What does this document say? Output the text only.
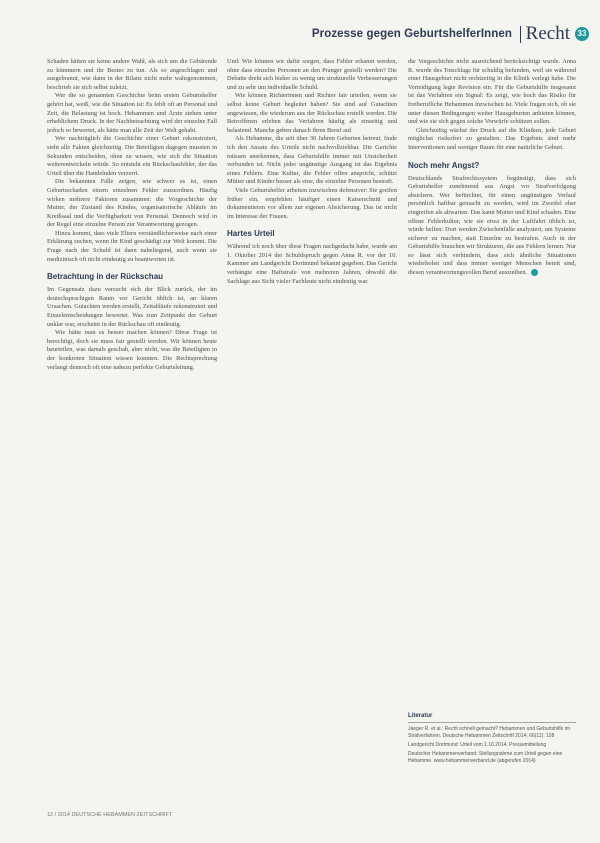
Prozesse gegen GeburtshelferInnen Recht 33

Schaden hätten sie keine andere Wahl, als sich um die Gebärende zu kümmern und ihr Bestes zu tun. Als so angeschlagen und ausgebrannt, wie dann in der Bilanz nicht mehr wahrgenommen, beschrieb sie sich selbst zuletzt.

Wer die so genannten Geschichte beim ersten Geburtshelfer gehört hat, weiß, wie die Situation ist: Es fehlt oft an Personal und Zeit, die Belastung ist hoch. Hebammen und Ärzte stehen unter erheblichem Druck. In der Nachbetrachtung wird der einzelne Fall jedoch so bewertet, als hätte man alle Zeit der Welt gehabt.

Wer nachträglich die Geschichte einer Geburt rekonstruiert, sieht alle Fakten gleichzeitig. Die Beteiligten dagegen mussten in Sekunden entscheiden, ohne zu wissen, wie sich die Situation weiterentwickeln würde. So entsteht ein Rückschaufehler, der das Urteil über die Handelnden verzerrt.

Die bekannten Fälle zeigen, wie schwer es ist, einen Geburtsschaden einem einzelnen Fehler zuzuordnen. Häufig wirken mehrere Faktoren zusammen: die Vorgeschichte der Mutter, der Zustand des Kindes, organisatorische Abläufe im Kreißsaal und die Verfügbarkeit von Personal. Dennoch wird in der Regel eine einzelne Person zur Verantwortung gezogen.

Hinzu kommt, dass viele Eltern verständlicherweise nach einer Erklärung suchen, wenn ihr Kind geschädigt zur Welt kommt. Die Frage nach der Schuld ist dann naheliegend, auch wenn sie medizinisch oft nicht eindeutig zu beantworten ist.

Betrachtung in der Rückschau

Im Gegensatz dazu versucht sich der Blick zurück, der im deutschsprachigen Raum vor Gericht üblich ist, an klaren Ursachen. Gutachten werden erstellt, Zeitabläufe rekonstruiert und Einzelentscheidungen bewertet. Was zum Zeitpunkt der Geburt unklar war, erscheint in der Rückschau oft eindeutig.

Wie hätte man es besser machen können? Diese Frage ist berechtigt, doch sie muss fair gestellt werden. Wir können heute beurteilen, was damals geschah, aber nicht, was die Beteiligten in der konkreten Situation wissen konnten. Die Rechtsprechung verlangt dennoch oft eine nahezu perfekte Geburtsleitung.

Und: Wie können wir dafür sorgen, dass Fehler erkannt werden, ohne dass einzelne Personen an den Pranger gestellt werden? Die Debatte dreht sich bisher zu wenig um strukturelle Verbesserungen und zu sehr um individuelle Schuld.

Wie können Richterinnen und Richter fair urteilen, wenn sie selbst keine Geburt begleitet haben? Sie sind auf Gutachten angewiesen, die wiederum aus der Rückschau erstellt werden. Die Betroffenen erleben das Verfahren häufig als einseitig und belastend. Manche geben danach ihren Beruf auf.

Als Hebamme, die seit über 30 Jahren Geburten betreut, finde ich den Ansatz des Urteils nicht nachvollziehbar. Die Gerichte müssen anerkennen, dass Geburtshilfe immer mit Unsicherheit verbunden ist. Nicht jeder ungünstige Ausgang ist das Ergebnis eines Fehlers. Eine Kultur, die Fehler offen anspricht, schützt Mütter und Kinder besser als eine, die einzelne Personen bestraft.

Viele Geburtshelfer arbeiten inzwischen defensiver: Sie greifen früher ein, empfehlen häufiger einen Kaiserschnitt und dokumentieren vor allem zur eigenen Absicherung. Das ist nicht im Interesse der Frauen.

Hartes Urteil

Während ich noch über diese Fragen nachgedacht habe, wurde am 1. Oktober 2014 der Schuldspruch gegen Anna R. vor der 10. Kammer am Landgericht Dortmund bekannt gegeben. Das Gericht verhängte eine Haftstrafe von mehreren Jahren, obwohl die Sachlage aus Sicht vieler Fachleute nicht eindeutig war.

die Vorgeschichte nicht ausreichend berücksichtigt wurde. Anna R. wurde des Totschlags für schuldig befunden, weil sie während einer Hausgeburt nicht rechtzeitig in die Klinik verlegt habe. Die Verteidigung legte Revision ein. Für die Geburtshilfe insgesamt ist das Verfahren ein Signal: Es zeigt, wie hoch das Risiko für freiberufliche Hebammen inzwischen ist. Viele fragen sich, ob sie unter diesen Bedingungen weiter Hausgeburten anbieten können, und wie sie sich gegen solche Vorwürfe schützen sollen.

Gleichzeitig wächst der Druck auf die Kliniken, jede Geburt möglichst risikofrei zu gestalten. Das Ergebnis sind mehr Interventionen und weniger Raum für eine natürliche Geburt.

Noch mehr Angst?

Deutschlands Strafrechtssystem begünstigt, dass sich Geburtshelfer zunehmend aus Angst vor Strafverfolgung absichern. Wer befürchtet, für einen ungünstigen Verlauf persönlich haftbar gemacht zu werden, wird im Zweifel eher eingreifen als abwarten. Das kann Mutter und Kind schaden. Eine offene Fehlerkultur, wie sie etwa in der Luftfahrt üblich ist, würde helfen: Dort werden Zwischenfälle analysiert, um Systeme sicherer zu machen, statt Einzelne zu bestrafen. Auch in der Geburtshilfe brauchen wir Strukturen, die aus Fehlern lernen. Nur so lässt sich verhindern, dass sich ähnliche Situationen wiederholen und dass immer weniger Menschen bereit sind, diesen verantwortungsvollen Beruf auszuüben.

Literatur

Jaeger R. et al.: Recht schnell gemacht? Hebammen und Geburtshilfe im Strafverfahren. Deutsche Hebammen Zeitschrift 2014; 66(11): 108

Landgericht Dortmund: Urteil vom 1.10.2014. Pressemitteilung

Deutscher Hebammenverband: Stellungnahme zum Urteil gegen eine Hebamme. www.hebammenverband.de (abgerufen 2014)

12 / 2014 DEUTSCHE HEBAMMEN ZEITSCHRIFT
